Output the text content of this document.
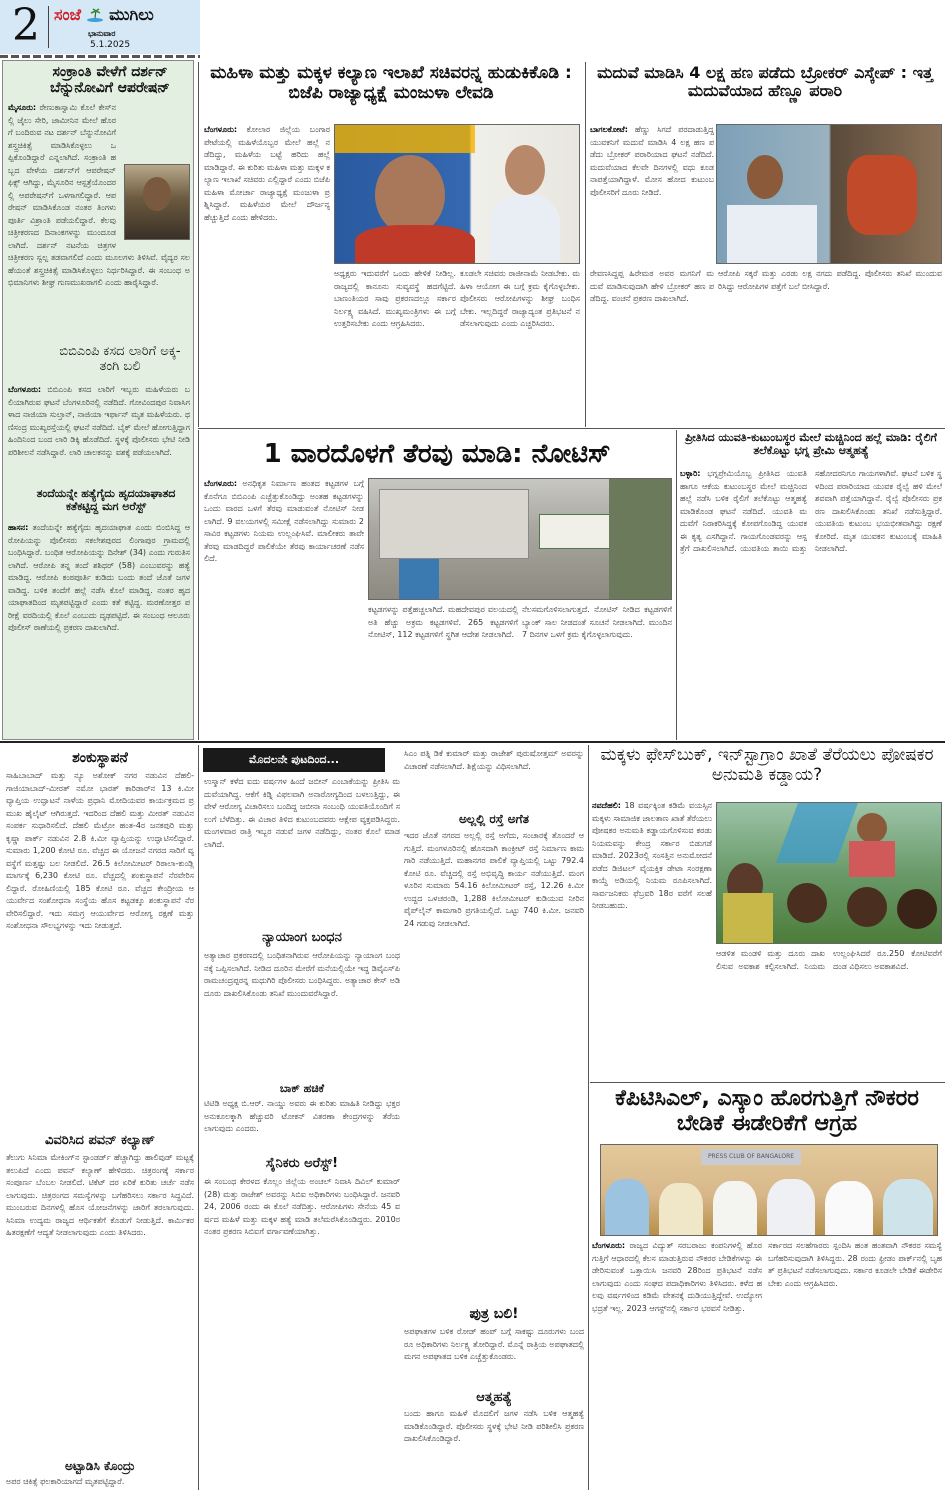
2 ಸಂಜೆ ಮುಗಿಲು
ಭಾನುವಾರ
5.1.2025
ಸಂಕ್ರಾಂತಿ ವೇಳೆಗೆ ದರ್ಶನ್ ಬೆನ್ನುನೋವಿಗೆ ಆಪರೇಷನ್
ಮೈಸೂರು: ರೇಣುಕಾಸ್ವಾಮಿ ಕೊಲೆ ಕೇಸ್‌ನಲ್ಲಿ ಜೈಲು ಸೇರಿ, ಜಾಮೀನಿನ ಮೇಲೆ ಹೊರಗೆ ಬಂದಿರುವ ನಟ ದರ್ಶನ್ ಬೆನ್ನುನೋವಿಗೆ ಶಸ್ತ್ರಚಿಕಿತ್ಸೆ ಮಾಡಿಸಿಕೊಳ್ಳಲು ಒಪ್ಪಿಕೊಂಡಿದ್ದಾರೆ ಎನ್ನಲಾಗಿದೆ. ಸಂಕ್ರಾಂತಿ ಹಬ್ಬದ ವೇಳೆಯ ದರ್ಶನ್‌ಗೆ ಆಪರೇಷನ್ ಫಿಕ್ಸ್ ಆಗಿದ್ದು, ಮೈಸೂರಿನ ಆಸ್ಪತ್ರೆಯೊಂದರಲ್ಲಿ ಆಪರೇಷನ್‌ಗೆ ಒಳಗಾಗಲಿದ್ದಾರೆ. ಆಪರೇಷನ್ ಮಾಡಿಸಿಕೊಂಡ ನಂತರ ತಿಂಗಳು ಪೂರ್ತಿ ವಿಶ್ರಾಂತಿ ಪಡೆಯಲಿದ್ದಾರೆ. ಕೆಲವು ಚಿತ್ರೀಕರಣದ ದಿನಾಂಕಗಳನ್ನು ಮುಂದೂಡಲಾಗಿದೆ. ದರ್ಶನ್ ನಟನೆಯ ಚಿತ್ರಗಳ ಚಿತ್ರೀಕರಣ ಸ್ವಲ್ಪ ತಡವಾಗಲಿದೆ ಎಂದು ಮೂಲಗಳು ತಿಳಿಸಿವೆ. ವೈದ್ಯರ ಸಲಹೆಯಂತೆ ಶಸ್ತ್ರಚಿಕಿತ್ಸೆ ಮಾಡಿಸಿಕೊಳ್ಳಲು ನಿರ್ಧರಿಸಿದ್ದಾರೆ. ಈ ಸಂಬಂಧ ಅಭಿಮಾನಿಗಳು ಶೀಘ್ರ ಗುಣಮುಖರಾಗಲಿ ಎಂದು ಹಾರೈಸಿದ್ದಾರೆ.
ಬಿಬಿಎಂಪಿ ಕಸದ ಲಾರಿಗೆ ಅಕ್ಕ-ತಂಗಿ ಬಲಿ
ಬೆಂಗಳೂರು: ಬಿಬಿಎಂಪಿ ಕಸದ ಲಾರಿಗೆ ಇಬ್ಬರು ಮಹಿಳೆಯರು ಬಲಿಯಾಗಿರುವ ಘಟನೆ ಬೆಂಗಳೂರಿನಲ್ಲಿ ನಡೆದಿದೆ. ಗೋವಿಂದಪುರ ನಿವಾಸಿಗಳಾದ ನಾಜಿಯಾ ಸುಲ್ತಾನ್, ನಾಜಿಯಾ ಇರ್ಫಾನ್ ಮೃತ ಮಹಿಳೆಯರು. ಥಣಿಸಂದ್ರ ಮುಖ್ಯರಸ್ತೆಯಲ್ಲಿ ಘಟನೆ ನಡೆದಿದೆ. ಬೈಕ್ ಮೇಲೆ ಹೋಗುತ್ತಿದ್ದಾಗ ಹಿಂದಿನಿಂದ ಬಂದ ಲಾರಿ ಡಿಕ್ಕಿ ಹೊಡೆದಿದೆ. ಸ್ಥಳಕ್ಕೆ ಪೊಲೀಸರು ಭೇಟಿ ನೀಡಿ ಪರಿಶೀಲನೆ ನಡೆಸಿದ್ದಾರೆ. ಲಾರಿ ಚಾಲಕನನ್ನು ವಶಕ್ಕೆ ಪಡೆಯಲಾಗಿದೆ.
ತಂದೆಯನ್ನೇ ಹತ್ಯೆಗೈದು ಹೃದಯಾಘಾತದ ಕತೆಕಟ್ಟಿದ್ದ ಮಗ ಅರೆಸ್ಟ್
ಹಾಸನ: ತಂದೆಯನ್ನೇ ಹತ್ಯೆಗೈದು ಹೃದಯಾಘಾತ ಎಂದು ಬಿಂಬಿಸಿದ್ದ ಆರೋಪಿಯನ್ನು ಪೊಲೀಸರು ಸಕಲೇಶಪುರದ ಲಿಂಗಾಪುರ ಗ್ರಾಮದಲ್ಲಿ ಬಂಧಿಸಿದ್ದಾರೆ. ಬಂಧಿತ ಆರೋಪಿಯನ್ನು ದಿನೇಶ್ (34) ಎಂದು ಗುರುತಿಸಲಾಗಿದೆ. ಆರೋಪಿ ತನ್ನ ತಂದೆ ಶಶಿಧರ್ (58) ಎಂಬುವರನ್ನು ಹತ್ಯೆ ಮಾಡಿದ್ದ. ಆರೋಪಿ ಕಂಠಪೂರ್ತಿ ಕುಡಿದು ಬಂದು ತಂದೆ ಜೊತೆ ಜಗಳವಾಡಿದ್ದ. ಬಳಿಕ ತಂದೆಗೆ ಹಲ್ಲೆ ನಡೆಸಿ ಕೊಲೆ ಮಾಡಿದ್ದ. ನಂತರ ಹೃದಯಾಘಾತದಿಂದ ಮೃತಪಟ್ಟಿದ್ದಾರೆ ಎಂದು ಕತೆ ಕಟ್ಟಿದ್ದ. ಮರಣೋತ್ತರ ಪರೀಕ್ಷೆ ವರದಿಯಲ್ಲಿ ಕೊಲೆ ಎಂಬುದು ದೃಢಪಟ್ಟಿದೆ. ಈ ಸಂಬಂಧ ಆಲೂರು ಪೊಲೀಸ್ ಠಾಣೆಯಲ್ಲಿ ಪ್ರಕರಣ ದಾಖಲಾಗಿದೆ.
ಮಹಿಳಾ ಮತ್ತು ಮಕ್ಕಳ ಕಲ್ಯಾಣ ಇಲಾಖೆ ಸಚಿವರನ್ನ ಹುಡುಕಿಕೊಡಿ : ಬಿಜೆಪಿ ರಾಜ್ಯಾಧ್ಯಕ್ಷೆ ಮಂಜುಳಾ ಲೇವಡಿ
ಬೆಂಗಳೂರು: ಕೋಲಾರ ಜಿಲ್ಲೆಯ ಬಂಗಾರಪೇಟೆಯಲ್ಲಿ ಮಹಿಳೆಯೊಬ್ಬರ ಮೇಲೆ ಹಲ್ಲೆ ನಡೆದಿದ್ದು, ಮಹಿಳೆಯ ಬಟ್ಟೆ ಹರಿದು ಹಲ್ಲೆ ಮಾಡಿದ್ದಾರೆ. ಈ ಕುರಿತು ಮಹಿಳಾ ಮತ್ತು ಮಕ್ಕಳ ಕಲ್ಯಾಣ ಇಲಾಖೆ ಸಚಿವರು ಎಲ್ಲಿದ್ದಾರೆ ಎಂದು ಬಿಜೆಪಿ ಮಹಿಳಾ ಮೋರ್ಚಾ ರಾಜ್ಯಾಧ್ಯಕ್ಷೆ ಮಂಜುಳಾ ಪ್ರಶ್ನಿಸಿದ್ದಾರೆ. ಮಹಿಳೆಯರ ಮೇಲೆ ದೌರ್ಜನ್ಯ ಹೆಚ್ಚುತ್ತಿದೆ ಎಂದು ಹೇಳಿದರು.
ಅಧ್ಯಕ್ಷರು ಇದುವರೆಗೆ ಒಂದು ಹೇಳಿಕೆ ನೀಡಿಲ್ಲ. ರಾಜ್ಯದಲ್ಲಿ ಕಾನೂನು ಸುವ್ಯವಸ್ಥೆ ಹದಗೆಟ್ಟಿದೆ. ಬಾಣಂತಿಯರ ಸಾವು ಪ್ರಕರಣದಲ್ಲೂ ಸರ್ಕಾರ ನಿರ್ಲಕ್ಷ್ಯ ವಹಿಸಿದೆ. ಮುಖ್ಯಮಂತ್ರಿಗಳು ಈ ಬಗ್ಗೆ ಉತ್ತರಿಸಬೇಕು ಎಂದು ಆಗ್ರಹಿಸಿದರು.
ಕೂಡಲೇ ಸಚಿವರು ರಾಜೀನಾಮೆ ನೀಡಬೇಕು. ಮಹಿಳಾ ಆಯೋಗ ಈ ಬಗ್ಗೆ ಕ್ರಮ ಕೈಗೊಳ್ಳಬೇಕು. ಪೊಲೀಸರು ಆರೋಪಿಗಳನ್ನು ಶೀಘ್ರ ಬಂಧಿಸಬೇಕು. ಇಲ್ಲದಿದ್ದರೆ ರಾಜ್ಯಾದ್ಯಂತ ಪ್ರತಿಭಟನೆ ನಡೆಸಲಾಗುವುದು ಎಂದು ಎಚ್ಚರಿಸಿದರು.
ಮದುವೆ ಮಾಡಿಸಿ 4 ಲಕ್ಷ ಹಣ ಪಡೆದು ಬ್ರೋಕರ್ ಎಸ್ಕೇಪ್ : ಇತ್ತ ಮದುವೆಯಾದ ಹೆಣ್ಣೂ ಪರಾರಿ
ಬಾಗಲಕೋಟೆ: ಹೆಣ್ಣು ಸಿಗದೆ ಪರದಾಡುತ್ತಿದ್ದ ಯುವಕನಿಗೆ ಮದುವೆ ಮಾಡಿಸಿ 4 ಲಕ್ಷ ಹಣ ಪಡೆದು ಬ್ರೋಕರ್ ಪರಾರಿಯಾದ ಘಟನೆ ನಡೆದಿದೆ. ಮದುವೆಯಾದ ಕೆಲವೇ ದಿನಗಳಲ್ಲಿ ವಧು ಕೂಡ ನಾಪತ್ತೆಯಾಗಿದ್ದಾಳೆ. ಮೋಸ ಹೋದ ಕುಟುಂಬ ಪೊಲೀಸರಿಗೆ ದೂರು ನೀಡಿದೆ.
ರೇವಣಸಿದ್ದಪ್ಪ ಹಿರೇಮಠ ಅವರ ಮಗನಿಗೆ ಮದುವೆ ಮಾಡಿಸುವುದಾಗಿ ಹೇಳಿ ಬ್ರೋಕರ್ ಹಣ ಪಡೆದಿದ್ದ. ವಂಚನೆ ಪ್ರಕರಣ ದಾಖಲಾಗಿದೆ.
ಆರೋಪಿ ಸಕ್ಕರೆ ಮತ್ತು ಎರಡು ಲಕ್ಷ ನಗದು ಪಡೆದಿದ್ದ. ಪೊಲೀಸರು ತನಿಖೆ ಮುಂದುವರಿಸಿದ್ದು ಆರೋಪಿಗಳ ಪತ್ತೆಗೆ ಬಲೆ ಬೀಸಿದ್ದಾರೆ.
1 ವಾರದೊಳಗೆ ತೆರವು ಮಾಡಿ: ನೋಟಿಸ್
ಬೆಂಗಳೂರು: ಅನಧಿಕೃತ ನಿರ್ಮಾಣ ಹಂತದ ಕಟ್ಟಡಗಳ ಬಗ್ಗೆ ಕೊನೆಗೂ ಬಿಬಿಎಂಪಿ ಎಚ್ಚೆತ್ತುಕೊಂಡಿದ್ದು ಅಂತಹ ಕಟ್ಟಡಗಳನ್ನು ಒಂದು ವಾರದ ಒಳಗೆ ತೆರವು ಮಾಡುವಂತೆ ನೋಟಿಸ್ ನೀಡಲಾಗಿದೆ. 9 ವಲಯಗಳಲ್ಲಿ ಸಮೀಕ್ಷೆ ನಡೆಸಲಾಗಿದ್ದು ಸುಮಾರು 2 ಸಾವಿರ ಕಟ್ಟಡಗಳು ನಿಯಮ ಉಲ್ಲಂಘಿಸಿವೆ. ಮಾಲೀಕರು ತಾವೇ ತೆರವು ಮಾಡದಿದ್ದರೆ ಪಾಲಿಕೆಯೇ ತೆರವು ಕಾರ್ಯಾಚರಣೆ ನಡೆಸಲಿದೆ.
ಕಟ್ಟಡಗಳನ್ನು ಪತ್ತೆಹಚ್ಚಲಾಗಿದೆ. ಮಹದೇವಪುರ ವಲಯದಲ್ಲಿ ಅತಿ ಹೆಚ್ಚು ಅಕ್ರಮ ಕಟ್ಟಡಗಳಿವೆ. 265 ಕಟ್ಟಡಗಳಿಗೆ ನೋಟಿಸ್, 112 ಕಟ್ಟಡಗಳಿಗೆ ಸ್ಥಗಿತ ಆದೇಶ ನೀಡಲಾಗಿದೆ.
ನೆಲಸಮಗೊಳಿಸಲಾಗುತ್ತದೆ. ನೋಟಿಸ್ ನೀಡಿದ ಕಟ್ಟಡಗಳಿಗೆ ಬ್ಯಾಂಕ್ ಸಾಲ ನೀಡದಂತೆ ಸೂಚನೆ ನೀಡಲಾಗಿದೆ. ಮುಂದಿನ 7 ದಿನಗಳ ಒಳಗೆ ಕ್ರಮ ಕೈಗೊಳ್ಳಲಾಗುವುದು.
ಪ್ರೀತಿಸಿದ ಯುವತಿ-ಕುಟುಂಬಸ್ಥರ ಮೇಲೆ ಮಚ್ಚಿನಿಂದ ಹಲ್ಲೆ ಮಾಡಿ: ರೈಲಿಗೆ ತಲೆಕೊಟ್ಟು ಭಗ್ನ ಪ್ರೇಮಿ ಆತ್ಮಹತ್ಯೆ
ಬಳ್ಳಾರಿ: ಭಗ್ನಪ್ರೇಮಿಯೊಬ್ಬ ಪ್ರೀತಿಸಿದ ಯುವತಿ ಹಾಗೂ ಆಕೆಯ ಕುಟುಂಬಸ್ಥರ ಮೇಲೆ ಮಚ್ಚಿನಿಂದ ಹಲ್ಲೆ ನಡೆಸಿ ಬಳಿಕ ರೈಲಿಗೆ ತಲೆಕೊಟ್ಟು ಆತ್ಮಹತ್ಯೆ ಮಾಡಿಕೊಂಡ ಘಟನೆ ನಡೆದಿದೆ. ಯುವತಿ ಮದುವೆಗೆ ನಿರಾಕರಿಸಿದ್ದಕ್ಕೆ ಕೋಪಗೊಂಡಿದ್ದ ಯುವಕ ಈ ಕೃತ್ಯ ಎಸಗಿದ್ದಾನೆ. ಗಾಯಗೊಂಡವರನ್ನು ಆಸ್ಪತ್ರೆಗೆ ದಾಖಲಿಸಲಾಗಿದೆ. ಯುವತಿಯ ತಾಯಿ ಮತ್ತು ಸಹೋದರನಿಗೂ ಗಾಯಗಳಾಗಿವೆ. ಘಟನೆ ಬಳಿಕ ಸ್ಥಳದಿಂದ ಪರಾರಿಯಾದ ಯುವಕ ರೈಲ್ವೆ ಹಳಿ ಮೇಲೆ ಶವವಾಗಿ ಪತ್ತೆಯಾಗಿದ್ದಾನೆ. ರೈಲ್ವೆ ಪೊಲೀಸರು ಪ್ರಕರಣ ದಾಖಲಿಸಿಕೊಂಡು ತನಿಖೆ ನಡೆಸುತ್ತಿದ್ದಾರೆ. ಯುವತಿಯ ಕುಟುಂಬ ಭಯಭೀತವಾಗಿದ್ದು ರಕ್ಷಣೆ ಕೋರಿದೆ. ಮೃತ ಯುವಕನ ಕುಟುಂಬಕ್ಕೆ ಮಾಹಿತಿ ನೀಡಲಾಗಿದೆ.
ಶಂಕುಸ್ಥಾಪನೆ
ಸಾಹಿಬಾಬಾದ್ ಮತ್ತು ನ್ಯೂ ಅಶೋಕ್ ನಗರ ನಡುವಿನ ದೆಹಲಿ-ಗಾಜಿಯಾಬಾದ್-ಮೀರತ್ ನಮೋ ಭಾರತ್ ಕಾರಿಡಾರ್‌ನ 13 ಕಿ.ಮೀ ವ್ಯಾಪ್ತಿಯ ಉದ್ಘಾಟನೆ ನಾಳೆಯ ಪ್ರಧಾನಿ ಮೋದಿಯವರ ಕಾರ್ಯಕ್ರಮದ ಪ್ರಮುಖ ಹೈಲೈಟ್ ಆಗಿರುತ್ತದೆ. ಇದರಿಂದ ದೆಹಲಿ ಮತ್ತು ಮೀರತ್ ನಡುವಿನ ಸಂಪರ್ಕ ಸುಧಾರಿಸಲಿದೆ. ದೆಹಲಿ ಮೆಟ್ರೋ ಹಂತ-4ರ ಜನಕಪುರಿ ಮತ್ತು ಕೃಷ್ಣಾ ಪಾರ್ಕ್ ನಡುವಿನ 2.8 ಕಿ.ಮೀ ವ್ಯಾಪ್ತಿಯನ್ನು ಉದ್ಘಾಟಿಸಲಿದ್ದಾರೆ. ಸುಮಾರು 1,200 ಕೋಟಿ ರೂ. ವೆಚ್ಚದ ಈ ಯೋಜನೆ ನಗರದ ಸಾರಿಗೆ ವ್ಯವಸ್ಥೆಗೆ ಮತ್ತಷ್ಟು ಬಲ ನೀಡಲಿದೆ. 26.5 ಕಿಲೋಮೀಟರ್ ರಿಠಾಲಾ-ಕುಂಡ್ಲಿ ಮಾರ್ಗಕ್ಕೆ 6,230 ಕೋಟಿ ರೂ. ವೆಚ್ಚದಲ್ಲಿ ಶಂಕುಸ್ಥಾಪನೆ ನೆರವೇರಿಸಲಿದ್ದಾರೆ. ರೋಹಿಣಿಯಲ್ಲಿ 185 ಕೋಟಿ ರೂ. ವೆಚ್ಚದ ಕೇಂದ್ರೀಯ ಆಯುರ್ವೇದ ಸಂಶೋಧನಾ ಸಂಸ್ಥೆಯ ಹೊಸ ಕಟ್ಟಡಕ್ಕೂ ಶಂಕುಸ್ಥಾಪನೆ ನೆರವೇರಿಸಲಿದ್ದಾರೆ. ಇದು ಸಮಗ್ರ ಆಯುರ್ವೇದ ಆರೋಗ್ಯ ರಕ್ಷಣೆ ಮತ್ತು ಸಂಶೋಧನಾ ಸೌಲಭ್ಯಗಳನ್ನು ಇದು ನೀಡುತ್ತದೆ.
ವಿವರಿಸಿದ ಪವನ್ ಕಲ್ಯಾಣ್
ತೆಲುಗು ಸಿನಿಮಾ ಮೇಕಿಂಗ್‌ನ ಸ್ಟಾಂಡರ್ಡ್ ಹೆಚ್ಚಾಗಿದ್ದು ಹಾಲಿವುಡ್ ಮಟ್ಟಕ್ಕೆ ತಲುಪಿದೆ ಎಂದು ಪವನ್ ಕಲ್ಯಾಣ್ ಹೇಳಿದರು. ಚಿತ್ರರಂಗಕ್ಕೆ ಸರ್ಕಾರ ಸಂಪೂರ್ಣ ಬೆಂಬಲ ನೀಡಲಿದೆ. ಟಿಕೆಟ್ ದರ ಏರಿಕೆ ಕುರಿತು ಚರ್ಚೆ ನಡೆಸಲಾಗುವುದು. ಚಿತ್ರರಂಗದ ಸಮಸ್ಯೆಗಳನ್ನು ಬಗೆಹರಿಸಲು ಸರ್ಕಾರ ಸಿದ್ಧವಿದೆ. ಮುಂಬರುವ ದಿನಗಳಲ್ಲಿ ಹೊಸ ಯೋಜನೆಗಳನ್ನು ಜಾರಿಗೆ ತರಲಾಗುವುದು. ಸಿನಿಮಾ ಉದ್ಯಮ ರಾಜ್ಯದ ಆರ್ಥಿಕತೆಗೆ ಕೊಡುಗೆ ನೀಡುತ್ತಿದೆ. ಕಾರ್ಮಿಕರ ಹಿತರಕ್ಷಣೆಗೆ ಆದ್ಯತೆ ನೀಡಲಾಗುವುದು ಎಂದು ತಿಳಿಸಿದರು.
ಅಟ್ಟಾಡಿಸಿ ಕೊಂದ್ರು
ಅಪರ ಚಿಕಿತ್ಸೆ ಫಲಕಾರಿಯಾಗದೆ ಮೃತಪಟ್ಟಿದ್ದಾರೆ.
ಮೊದಲನೇ ಪುಟದಿಂದ...
ಉಸ್ಮಾನ್ ಕಳೆದ ಐದು ವರ್ಷಗಳ ಹಿಂದೆ ಜಬೀನ್ ಎಂಬಾಕೆಯನ್ನು ಪ್ರೀತಿಸಿ ಮದುವೆಯಾಗಿದ್ದ. ಆಕೆಗೆ ಕಿಡ್ನಿ ವಿಫಲವಾಗಿ ಅನಾರೋಗ್ಯದಿಂದ ಬಳಲುತ್ತಿದ್ದು, ಈ ವೇಳೆ ಆರೋಗ್ಯ ವಿಚಾರಿಸಲು ಬಂದಿದ್ದ ಜಬೀನಾ ಸಂಬಂಧಿ ಯುವತಿಯೊಂದಿಗೆ ಸಲುಗೆ ಬೆಳೆದಿತ್ತು. ಈ ವಿಚಾರ ತಿಳಿದ ಕುಟುಂಬದವರು ಆಕ್ಷೇಪ ವ್ಯಕ್ತಪಡಿಸಿದ್ದರು. ಮಂಗಳವಾರ ರಾತ್ರಿ ಇಬ್ಬರ ನಡುವೆ ಜಗಳ ನಡೆದಿದ್ದು, ನಂತರ ಕೊಲೆ ಮಾಡಲಾಗಿದೆ.
ನ್ಯಾಯಾಂಗ ಬಂಧನ
ಅತ್ಯಾಚಾರ ಪ್ರಕರಣದಲ್ಲಿ ಬಂಧಿತನಾಗಿರುವ ಆರೋಪಿಯನ್ನು ನ್ಯಾಯಾಂಗ ಬಂಧನಕ್ಕೆ ಒಪ್ಪಿಸಲಾಗಿದೆ. ನೀಡಿದ ದೂರಿನ ಮೇರೆಗೆ ಮನೆಯಲ್ಲಿಯೇ ಇದ್ದ ಡಿವೈಎಸ್‌ಪಿ ರಾಮಚಂದ್ರಪ್ಪರನ್ನ ಮಧುಗಿರಿ ಪೊಲೀಸರು ಬಂಧಿಸಿದ್ದರು. ಅತ್ಯಾಚಾರ ಕೇಸ್ ಅಡಿ ದೂರು ದಾಖಲಿಸಿಕೊಂಡು ತನಿಖೆ ಮುಂದುವರೆಸಿದ್ದಾರೆ.
ಬಾಕ್ ಹಚಿಕೆ
ಟಿಟಿಡಿ ಅಧ್ಯಕ್ಷ ಬಿ.ಆರ್. ನಾಯ್ಡು ಅವರು ಈ ಕುರಿತು ಮಾಹಿತಿ ನೀಡಿದ್ದು ಭಕ್ತರ ಅನುಕೂಲಕ್ಕಾಗಿ ಹೆಚ್ಚುವರಿ ಟೋಕನ್ ವಿತರಣಾ ಕೇಂದ್ರಗಳನ್ನು ತೆರೆಯಲಾಗುವುದು ಎಂದರು.
ಸೈನಿಕರು ಅರೆಸ್ಟ್!
ಈ ಸಂಬಂಧ ಕೇರಳದ ಕೊಲ್ಲಂ ಜಿಲ್ಲೆಯ ಅಂಚಲ್ ನಿವಾಸಿ ದಿವಿಲ್ ಕುಮಾರ್ (28) ಮತ್ತು ರಾಜೇಶ್ ಅವರನ್ನು ಸಿಬಿಐ ಅಧಿಕಾರಿಗಳು ಬಂಧಿಸಿದ್ದಾರೆ. ಜನವರಿ 24, 2006 ರಂದು ಈ ಕೊಲೆ ನಡೆದಿತ್ತು. ಆರೋಪಿಗಳು ಸೇನೆಯ 45 ವರ್ಷದ ಮಹಿಳೆ ಮತ್ತು ಮಕ್ಕಳ ಹತ್ಯೆ ಮಾಡಿ ತಲೆಮರೆಸಿಕೊಂಡಿದ್ದರು. 2010ರ ನಂತರ ಪ್ರಕರಣ ಸಿಬಿಐಗೆ ವರ್ಗಾವಣೆಯಾಗಿತ್ತು.
ಸಿಎಂ ಪತ್ನಿ ಡಿಕೆ ಕುಮಾರ್ ಮತ್ತು ರಾಜೇಶ್ ಪುರುಷೋತ್ತಮ್ ಅವರನ್ನು ವಿಚಾರಣೆ ನಡೆಸಲಾಗಿದೆ. ಶಿಕ್ಷೆಯನ್ನು ವಿಧಿಸಲಾಗಿದೆ.
ಅಲ್ಲಲ್ಲಿ ರಸ್ತೆ ಅಗೆತ
ಇದರ ಜೊತೆ ನಗರದ ಅಲ್ಲಲ್ಲಿ ರಸ್ತೆ ಅಗೆದು, ಸಂಚಾರಕ್ಕೆ ತೊಂದರೆ ಆಗುತ್ತಿದೆ. ಮಂಗಳೂರಿನಲ್ಲಿ ಹೊಸದಾಗಿ ಕಾಂಕ್ರೀಟ್ ರಸ್ತೆ ನಿರ್ಮಾಣ ಕಾಮಗಾರಿ ನಡೆಯುತ್ತಿದೆ. ಮಹಾನಗರ ಪಾಲಿಕೆ ವ್ಯಾಪ್ತಿಯಲ್ಲಿ ಒಟ್ಟು 792.4 ಕೋಟಿ ರೂ. ವೆಚ್ಚದಲ್ಲಿ ರಸ್ತೆ ಅಭಿವೃದ್ಧಿ ಕಾರ್ಯ ನಡೆಯುತ್ತಿದೆ. ಮಂಗಳೂರಿನ ಸುಮಾರು 54.16 ಕಿಲೋಮೀಟರ್ ರಸ್ತೆ, 12.26 ಕಿ.ಮೀ ಉದ್ದದ ಒಳಚರಂಡಿ, 1,288 ಕಿಲೋಮೀಟರ್ ಕುಡಿಯುವ ನೀರಿನ ಪೈಪ್‌ಲೈನ್ ಕಾಮಗಾರಿ ಪ್ರಗತಿಯಲ್ಲಿದೆ. ಒಟ್ಟು 740 ಕಿ.ಮೀ. ಜನವರಿ 24 ಗಡುವು ನೀಡಲಾಗಿದೆ.
ಪುತ್ರ ಬಲಿ!
ಅಪಘಾತಗಳ ಬಳಿಕ ರೋಡ್ ಹಂಪ್ ಬಗ್ಗೆ ಸಾಕಷ್ಟು ದೂರುಗಳು ಬಂದರೂ ಅಧಿಕಾರಿಗಳು ನಿರ್ಲಕ್ಷ್ಯ ತೋರಿದ್ದಾರೆ. ಮೊನ್ನೆ ರಾತ್ರಿಯ ಅಪಘಾತದಲ್ಲಿ ಮಗನ ಅಪಘಾತದ ಬಳಿಕ ಎಚ್ಚೆತ್ತುಕೊಂಡರು.
ಆತ್ಮಹತ್ಯೆ
ಬಂದು ಹಾಗೂ ಮಹಿಳೆ ಮೊದಲಿಗೆ ಜಗಳ ನಡೆಸಿ ಬಳಿಕ ಆತ್ಮಹತ್ಯೆ ಮಾಡಿಕೊಂಡಿದ್ದಾರೆ. ಪೊಲೀಸರು ಸ್ಥಳಕ್ಕೆ ಭೇಟಿ ನೀಡಿ ಪರಿಶೀಲಿಸಿ ಪ್ರಕರಣ ದಾಖಲಿಸಿಕೊಂಡಿದ್ದಾರೆ.
ಮಕ್ಕಳು ಫೇಸ್‌ಬುಕ್, ಇನ್‌ಸ್ಟಾಗ್ರಾಂ ಖಾತೆ ತೆರೆಯಲು ಪೋಷಕರ ಅನುಮತಿ ಕಡ್ಡಾಯ?
ನವದೆಹಲಿ: 18 ವರ್ಷಕ್ಕಿಂತ ಕಡಿಮೆ ವಯಸ್ಸಿನ ಮಕ್ಕಳು ಸಾಮಾಜಿಕ ಜಾಲತಾಣ ಖಾತೆ ತೆರೆಯಲು ಪೋಷಕರ ಅನುಮತಿ ಕಡ್ಡಾಯಗೊಳಿಸುವ ಕರಡು ನಿಯಮವನ್ನು ಕೇಂದ್ರ ಸರ್ಕಾರ ಬಿಡುಗಡೆ ಮಾಡಿದೆ. 2023ರಲ್ಲಿ ಸಂಸತ್ತಿನ ಅನುಮೋದನೆ ಪಡೆದ ಡಿಜಿಟಲ್ ವೈಯಕ್ತಿಕ ಡೇಟಾ ಸಂರಕ್ಷಣಾ ಕಾಯ್ದೆ ಅಡಿಯಲ್ಲಿ ನಿಯಮ ರೂಪಿಸಲಾಗಿದೆ. ಸಾರ್ವಜನಿಕರು ಫೆಬ್ರವರಿ 18ರ ವರೆಗೆ ಸಲಹೆ ನೀಡಬಹುದು.
ಆಡಳಿತ ಮಂಡಳಿ ಮತ್ತು ದೂರು ದಾಖಲಿಸುವ ಅವಕಾಶ ಕಲ್ಪಿಸಲಾಗಿದೆ. ನಿಯಮ ಉಲ್ಲಂಘಿಸಿದರೆ ರೂ.250 ಕೋಟಿವರೆಗೆ ದಂಡ ವಿಧಿಸಲು ಅವಕಾಶವಿದೆ.
ಕೆಪಿಟಿಸಿಎಲ್, ಎಸ್ಕಾಂ ಹೊರಗುತ್ತಿಗೆ ನೌಕರರ ಬೇಡಿಕೆ ಈಡೇರಿಕೆಗೆ ಆಗ್ರಹ
PRESS CLUB OF BANGALORE
ಬೆಂಗಳೂರು: ರಾಜ್ಯದ ವಿದ್ಯುತ್ ಸರಬರಾಜು ಕಂಪನಿಗಳಲ್ಲಿ ಹೊರಗುತ್ತಿಗೆ ಆಧಾರದಲ್ಲಿ ಕೆಲಸ ಮಾಡುತ್ತಿರುವ ನೌಕರರ ಬೇಡಿಕೆಗಳನ್ನು ಈಡೇರಿಸುವಂತೆ ಒತ್ತಾಯಿಸಿ ಜನವರಿ 28ರಿಂದ ಪ್ರತಿಭಟನೆ ನಡೆಸಲಾಗುವುದು ಎಂದು ಸಂಘದ ಪದಾಧಿಕಾರಿಗಳು ತಿಳಿಸಿದರು. ಕಳೆದ ಹಲವು ವರ್ಷಗಳಿಂದ ಕಡಿಮೆ ವೇತನಕ್ಕೆ ದುಡಿಯುತ್ತಿದ್ದೇವೆ. ಉದ್ಯೋಗ ಭದ್ರತೆ ಇಲ್ಲ. 2023 ಆಗಸ್ಟ್‌ನಲ್ಲಿ ಸರ್ಕಾರ ಭರವಸೆ ನೀಡಿತ್ತು.
ಸರ್ಕಾರದ ಸಲಹೆಗಾರರು ಸ್ಪಂದಿಸಿ ಹಂತ ಹಂತವಾಗಿ ನೌಕರರ ಸಮಸ್ಯೆ ಬಗೆಹರಿಸುವುದಾಗಿ ತಿಳಿಸಿದ್ದರು. 28 ರಂದು ಫ್ರೀಡಂ ಪಾರ್ಕ್‌ನಲ್ಲಿ ಬೃಹತ್ ಪ್ರತಿಭಟನೆ ನಡೆಸಲಾಗುವುದು. ಸರ್ಕಾರ ಕೂಡಲೇ ಬೇಡಿಕೆ ಈಡೇರಿಸಬೇಕು ಎಂದು ಆಗ್ರಹಿಸಿದರು.
